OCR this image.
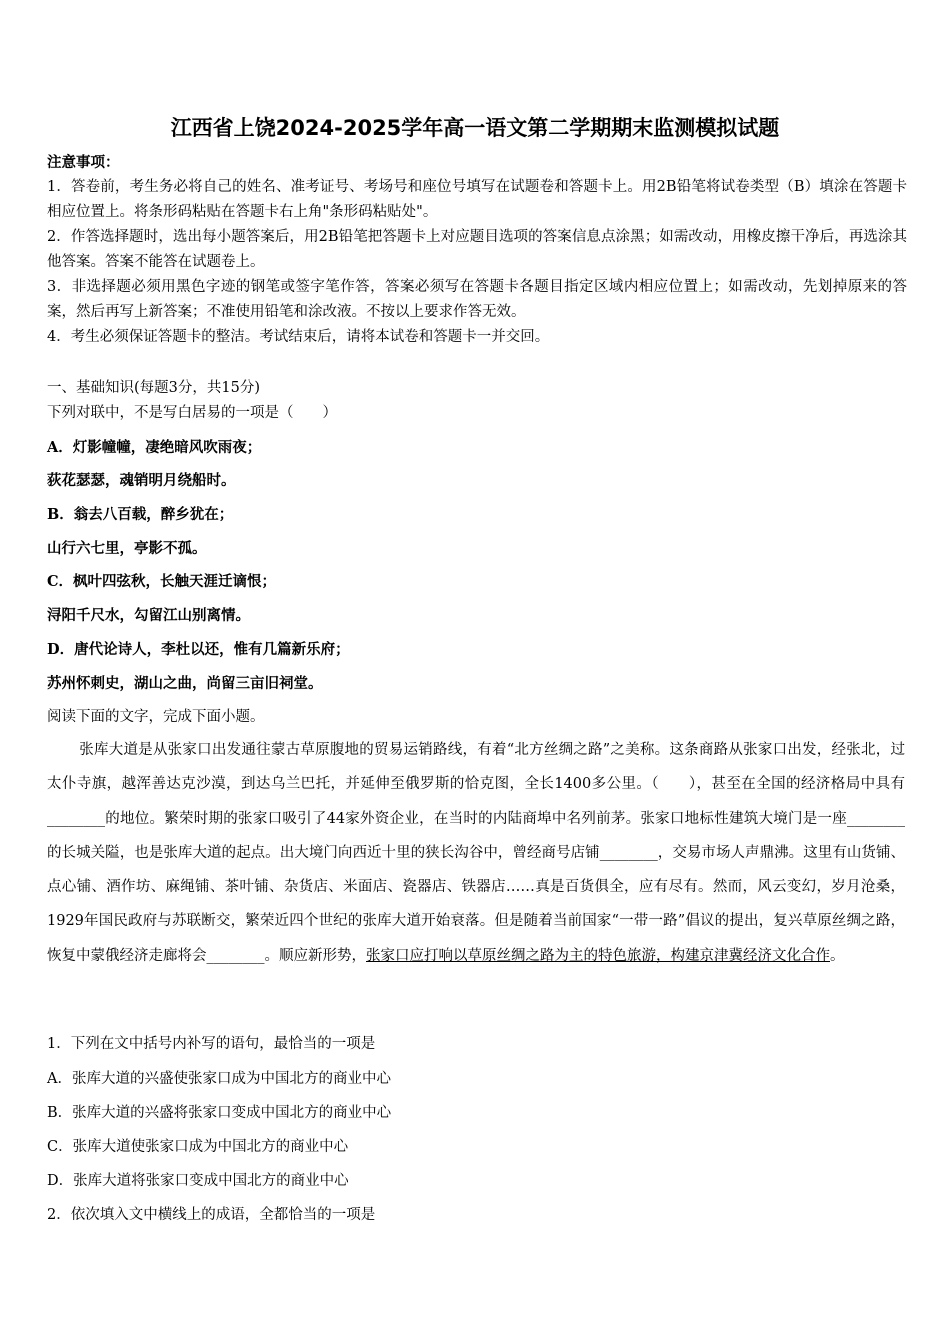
江西省上饶2024-2025学年高一语文第二学期期末监测模拟试题

注意事项：

1．答卷前，考生务必将自己的姓名、准考证号、考场号和座位号填写在试题卷和答题卡上。用2B铅笔将试卷类型（B）填涂在答题卡相应位置上。将条形码粘贴在答题卡右上角"条形码粘贴处"。

2．作答选择题时，选出每小题答案后，用2B铅笔把答题卡上对应题目选项的答案信息点涂黑；如需改动，用橡皮擦干净后，再选涂其他答案。答案不能答在试题卷上。

3．非选择题必须用黑色字迹的钢笔或签字笔作答，答案必须写在答题卡各题目指定区域内相应位置上；如需改动，先划掉原来的答案，然后再写上新答案；不准使用铅笔和涂改液。不按以上要求作答无效。

4．考生必须保证答题卡的整洁。考试结束后，请将本试卷和答题卡一并交回。

一、基础知识(每题3分，共15分)
下列对联中，不是写白居易的一项是（　　）
A．灯影幢幢，凄绝暗风吹雨夜；
荻花瑟瑟，魂销明月绕船时。
B．翁去八百载，醉乡犹在；
山行六七里，亭影不孤。
C．枫叶四弦秋，长触天涯迁谪恨；
浔阳千尺水，勾留江山别离情。
D．唐代论诗人，李杜以还，惟有几篇新乐府；
苏州怀刺史，湖山之曲，尚留三亩旧祠堂。
阅读下面的文字，完成下面小题。
张库大道是从张家口出发通往蒙古草原腹地的贸易运销路线，有着“北方丝绸之路”之美称。这条商路从张家口出发，经张北，过太仆寺旗，越浑善达克沙漠，到达乌兰巴托，并延伸至俄罗斯的恰克图，全长1400多公里。（　　），甚至在全国的经济格局中具有________的地位。繁荣时期的张家口吸引了44家外资企业，在当时的内陆商埠中名列前茅。张家口地标性建筑大境门是一座________的长城关隘，也是张库大道的起点。出大境门向西近十里的狭长沟谷中，曾经商号店铺________，交易市场人声鼎沸。这里有山货铺、点心铺、酒作坊、麻绳铺、茶叶铺、杂货店、米面店、瓷器店、铁器店……真是百货俱全，应有尽有。然而，风云变幻，岁月沧桑，1929年国民政府与苏联断交，繁荣近四个世纪的张库大道开始衰落。但是随着当前国家“一带一路”倡议的提出，复兴草原丝绸之路，恢复中蒙俄经济走廊将会________。顺应新形势，张家口应打响以草原丝绸之路为主的特色旅游，构建京津冀经济文化合作。
1．下列在文中括号内补写的语句，最恰当的一项是
A．张库大道的兴盛使张家口成为中国北方的商业中心
B．张库大道的兴盛将张家口变成中国北方的商业中心
C．张库大道使张家口成为中国北方的商业中心
D．张库大道将张家口变成中国北方的商业中心
2．依次填入文中横线上的成语，全都恰当的一项是
